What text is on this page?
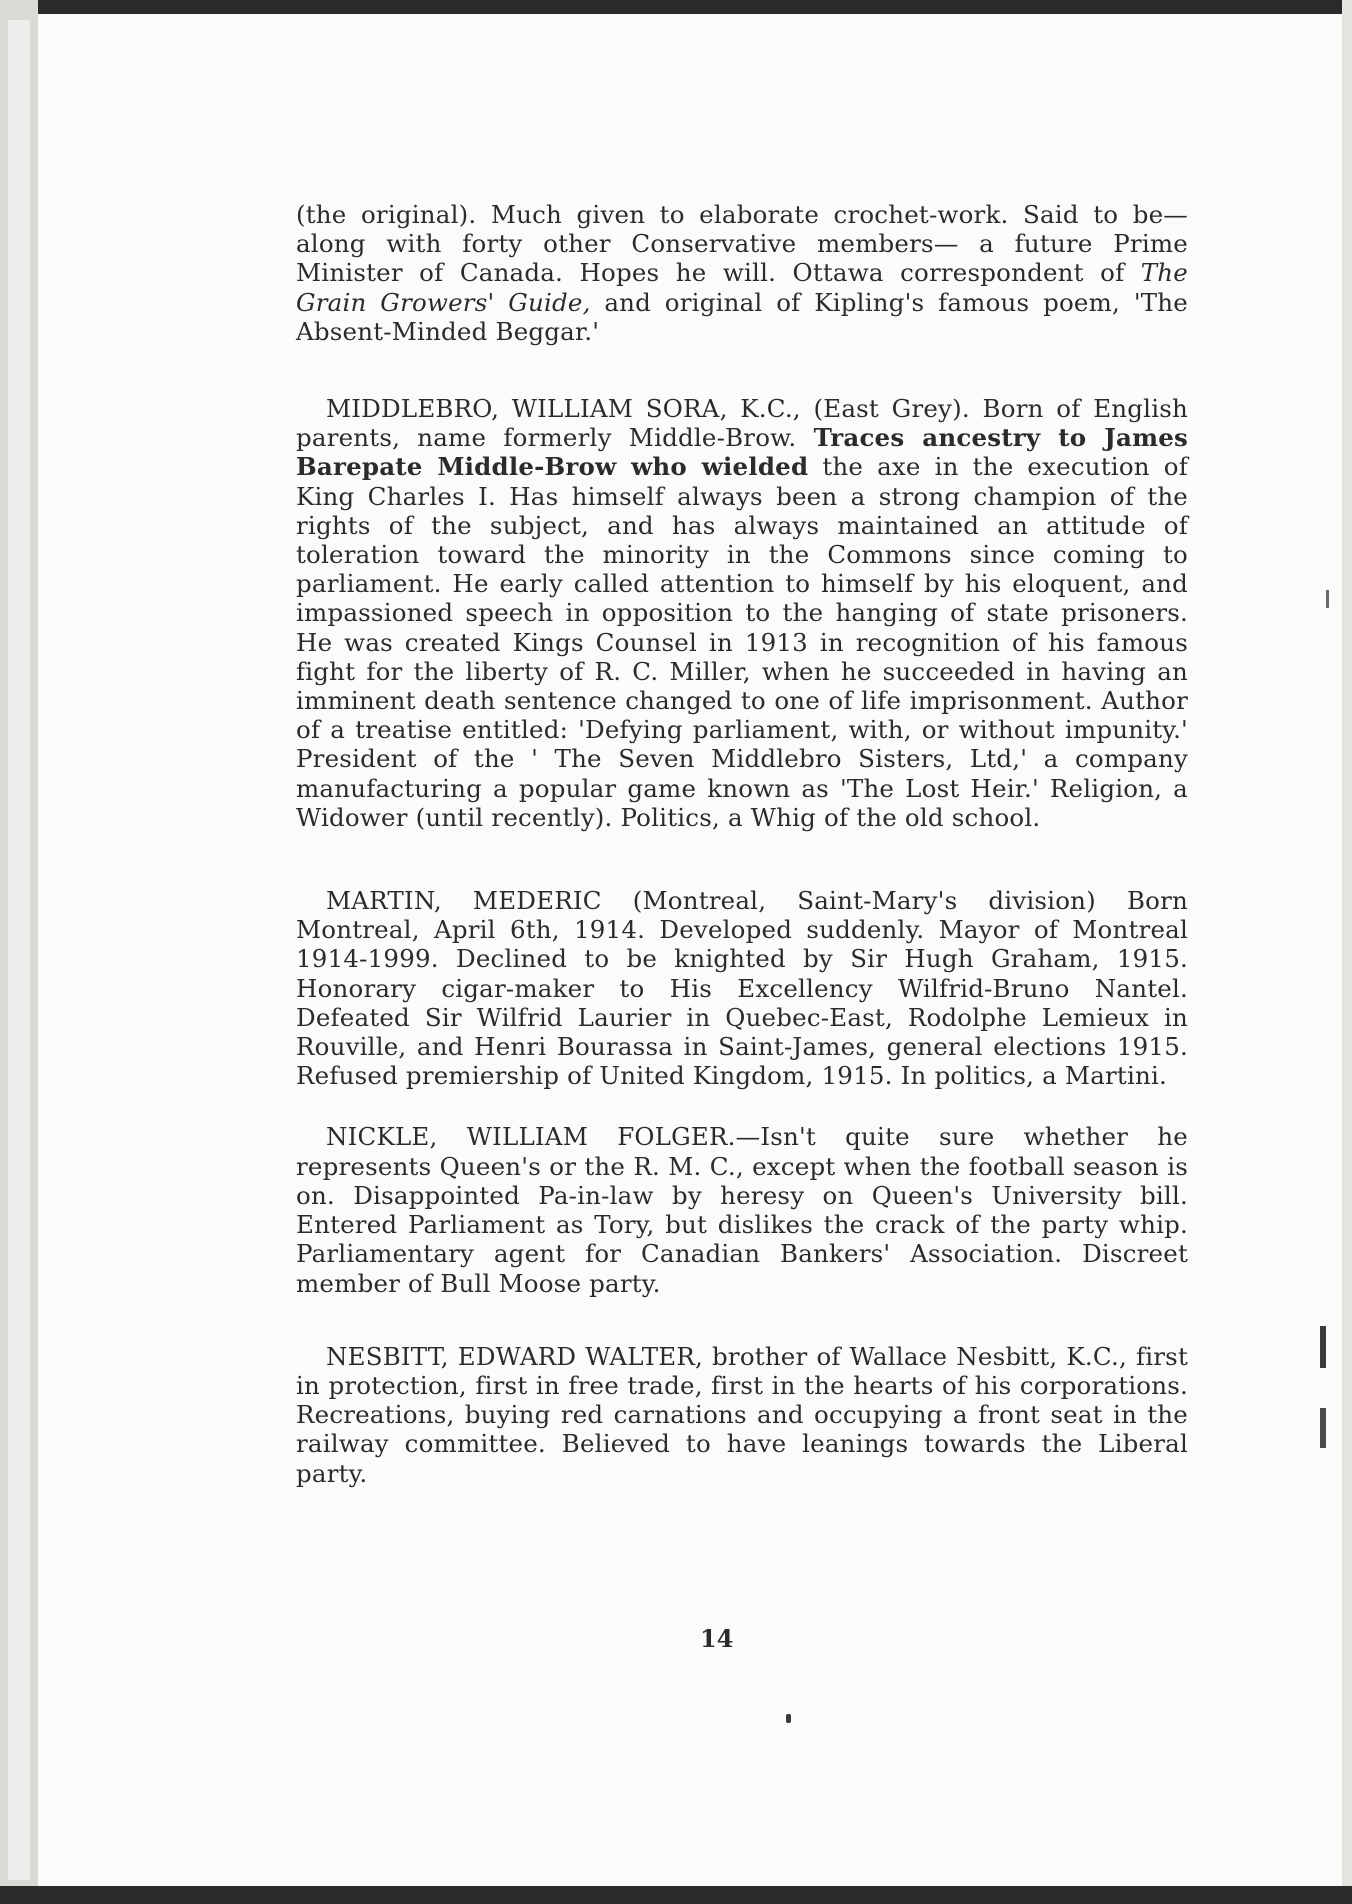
(the original). Much given to elaborate crochet-work. Said to be—along with forty other Conservative members— a future Prime Minister of Canada. Hopes he will. Ottawa correspondent of The Grain Growers' Guide, and original of Kipling's famous poem, 'The Absent-Minded Beggar.'

MIDDLEBRO, WILLIAM SORA, K.C., (East Grey). Born of English parents, name formerly Middle-Brow. Traces ancestry to James Barepate Middle-Brow who wielded the axe in the execution of King Charles I. Has himself always been a strong champion of the rights of the subject, and has always maintained an attitude of toleration toward the minority in the Commons since coming to parliament. He early called attention to himself by his eloquent, and impassioned speech in opposition to the hanging of state prisoners. He was created Kings Counsel in 1913 in recognition of his famous fight for the liberty of R. C. Miller, when he succeeded in having an imminent death sentence changed to one of life imprisonment. Author of a treatise entitled: 'Defying parliament, with, or without impunity.' President of the ' The Seven Middlebro Sisters, Ltd,' a company manufacturing a popular game known as 'The Lost Heir.' Religion, a Widower (until recently). Politics, a Whig of the old school.

MARTIN, MEDERIC (Montreal, Saint-Mary's division) Born Montreal, April 6th, 1914. Developed suddenly. Mayor of Montreal 1914-1999. Declined to be knighted by Sir Hugh Graham, 1915. Honorary cigar-maker to His Excellency Wilfrid-Bruno Nantel. Defeated Sir Wilfrid Laurier in Quebec-East, Rodolphe Lemieux in Rouville, and Henri Bourassa in Saint-James, general elections 1915. Refused premiership of United Kingdom, 1915. In politics, a Martini.

NICKLE, WILLIAM FOLGER.—Isn't quite sure whether he represents Queen's or the R. M. C., except when the football season is on. Disappointed Pa-in-law by heresy on Queen's University bill. Entered Parliament as Tory, but dislikes the crack of the party whip. Parliamentary agent for Canadian Bankers' Association. Discreet member of Bull Moose party.

NESBITT, EDWARD WALTER, brother of Wallace Nesbitt, K.C., first in protection, first in free trade, first in the hearts of his corporations. Recreations, buying red carnations and occupying a front seat in the railway committee. Believed to have leanings towards the Liberal party.

14
